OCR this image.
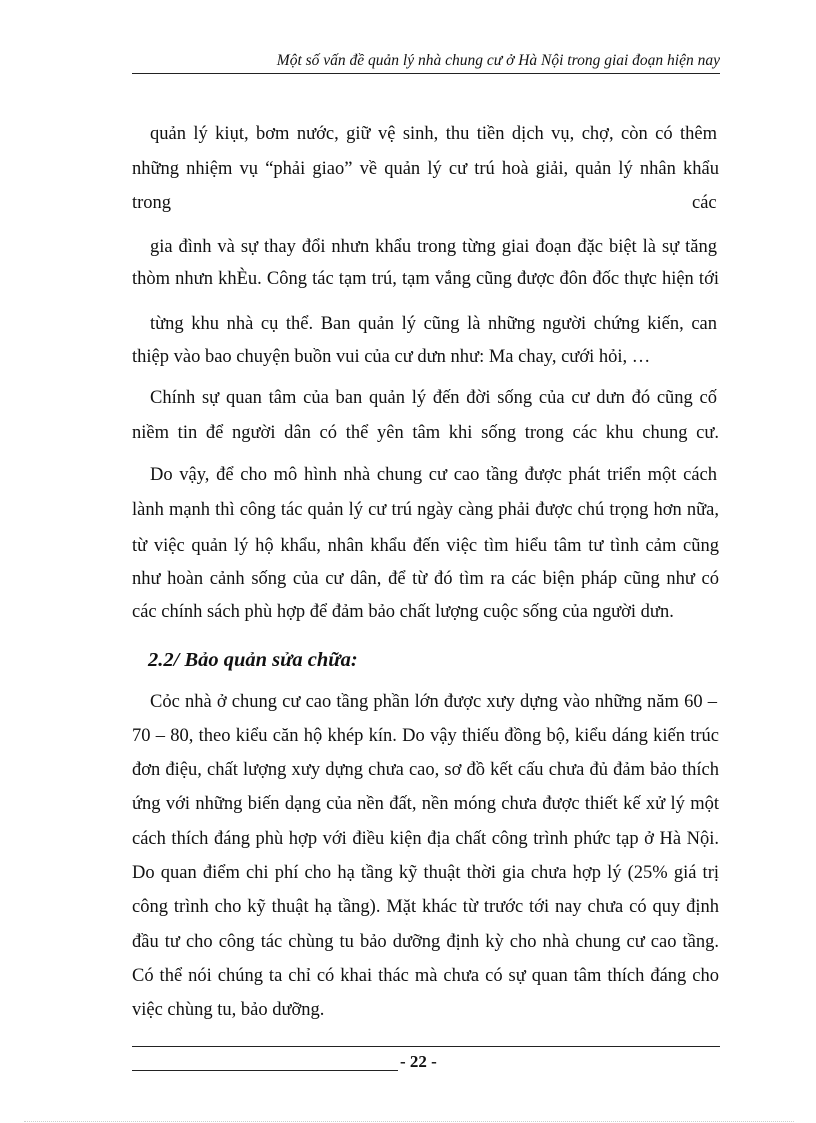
Một số vấn đề quản lý nhà chung cư ở Hà Nội trong giai đoạn hiện nay
quản lý kiụt, bơm nước, giữ vệ sinh, thu tiền dịch vụ, chợ, còn có thêm
những nhiệm vụ “phải giao” về quản lý cư trú hoà giải, quản lý nhân khẩu
trong	các
gia đình và sự thay đổi nhưn khẩu trong từng giai đoạn đặc biệt là sự tăng
thòm nhưn khÈu. Công tác tạm trú, tạm vắng cũng được đôn đốc thực hiện tới
từng khu nhà cụ thể. Ban quản lý cũng là những người chứng kiến, can
thiệp vào bao chuyện buồn vui của cư dưn như: Ma chay, cưới hỏi, …
Chính sự quan tâm của ban quản lý đến đời sống của cư dưn đó cũng cố
niềm tin để người dân có thể yên tâm khi sống trong các khu chung cư.
Do vậy, để cho mô hình nhà chung cư cao tầng được phát triển một cách
lành mạnh thì công tác quản lý cư trú ngày càng phải được chú trọng hơn nữa,
từ việc quản lý hộ khẩu, nhân khẩu đến việc tìm hiểu tâm tư tình cảm cũng
như hoàn cảnh sống của cư dân, để từ đó tìm ra các biện pháp cũng như có
các chính sách phù hợp để đảm bảo chất lượng cuộc sống của người dưn.
2.2/ Bảo quản sửa chữa:
Cỏc nhà ở chung cư cao tầng phần lớn được xưy dựng vào những năm 60 –
70 – 80, theo kiểu căn hộ khép kín. Do vậy thiếu đồng bộ, kiểu dáng kiến trúc
đơn điệu, chất lượng xưy dựng chưa cao, sơ đồ kết cấu chưa đủ đảm bảo thích
ứng với những biến dạng của nền đất, nền móng chưa được thiết kế xử lý một
cách thích đáng phù hợp với điều kiện địa chất công trình phức tạp ở Hà Nội.
Do quan điểm chi phí cho hạ tầng kỹ thuật thời gia chưa hợp lý (25% giá trị
công trình cho kỹ thuật hạ tầng). Mặt khác từ trước tới nay chưa có quy định
đầu tư cho công tác chùng tu bảo dưỡng định kỳ cho nhà chung cư cao tầng.
Có thể nói chúng ta chỉ có khai thác mà chưa có sự quan tâm thích đáng cho
việc chùng tu, bảo dưỡng.
- 22 -
